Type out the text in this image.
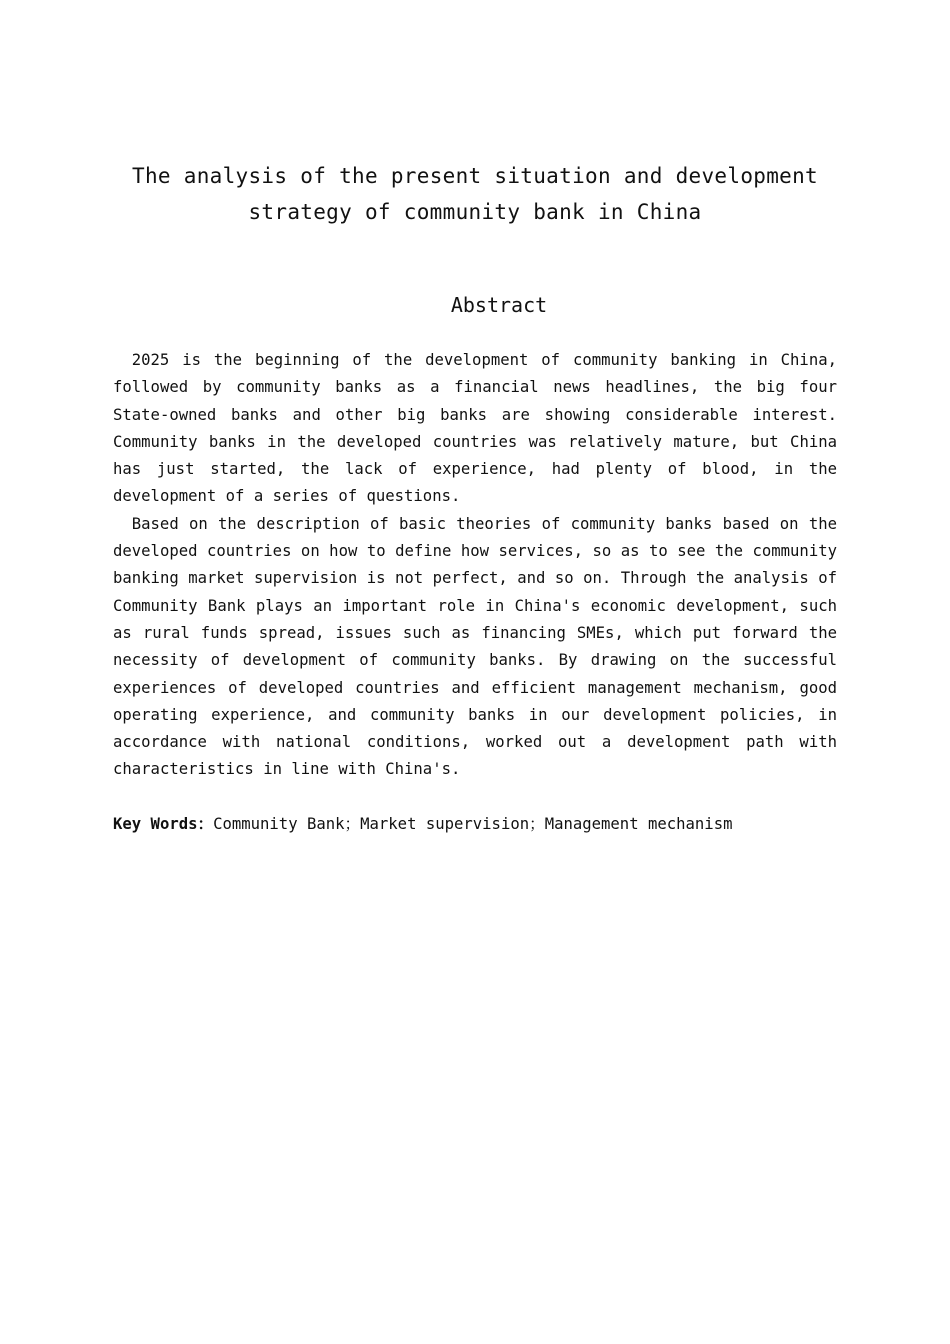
The analysis of the present situation and development
strategy of community bank in China
Abstract

2025 is the beginning of the development of community banking in China, followed by community banks as a financial news headlines, the big four State-owned banks and other big banks are showing considerable interest. Community banks in the developed countries was relatively mature, but China has just started, the lack of experience, had plenty of blood, in the development of a series of questions.

Based on the description of basic theories of community banks based on the developed countries on how to define how services, so as to see the community banking market supervision is not perfect, and so on. Through the analysis of Community Bank plays an important role in China's economic development, such as rural funds spread, issues such as financing SMEs, which put forward the necessity of development of community banks. By drawing on the successful experiences of developed countries and efficient management mechanism, good operating experience, and community banks in our development policies, in accordance with national conditions, worked out a development path with characteristics in line with China's.

Key Words：Community Bank；Market supervision；Management mechanism
